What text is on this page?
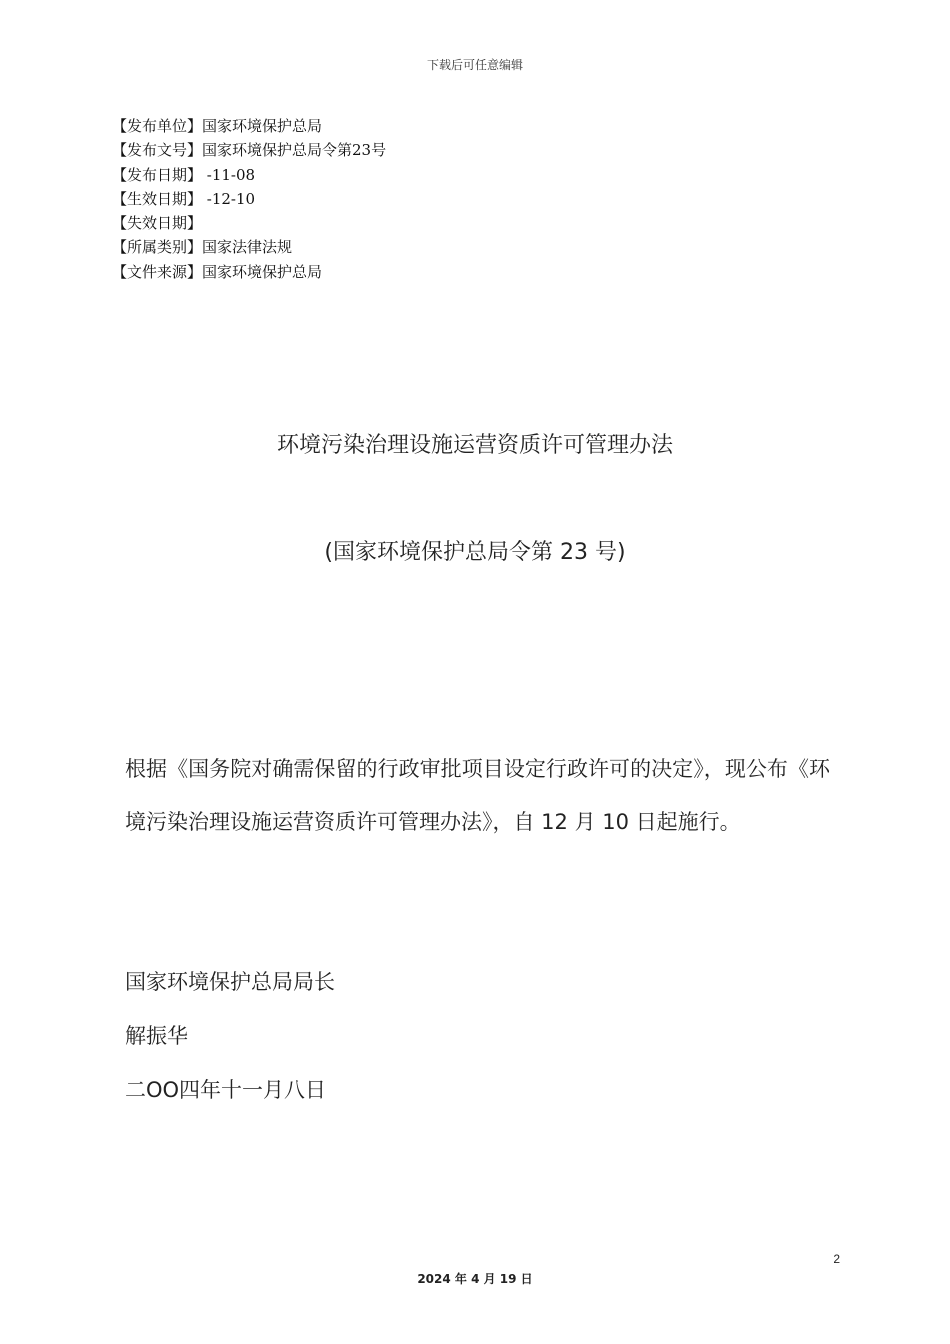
下载后可任意编辑
【发布单位】国家环境保护总局
【发布文号】国家环境保护总局令第23号
【发布日期】 -11-08
【生效日期】 -12-10
【失效日期】
【所属类别】国家法律法规
【文件来源】国家环境保护总局
环境污染治理设施运营资质许可管理办法
(国家环境保护总局令第 23 号)
根据《国务院对确需保留的行政审批项目设定行政许可的决定》，现公布《环境污染治理设施运营资质许可管理办法》，自 12 月 10 日起施行。
国家环境保护总局局长
解振华
二OO四年十一月八日
2
2024 年 4 月 19 日
